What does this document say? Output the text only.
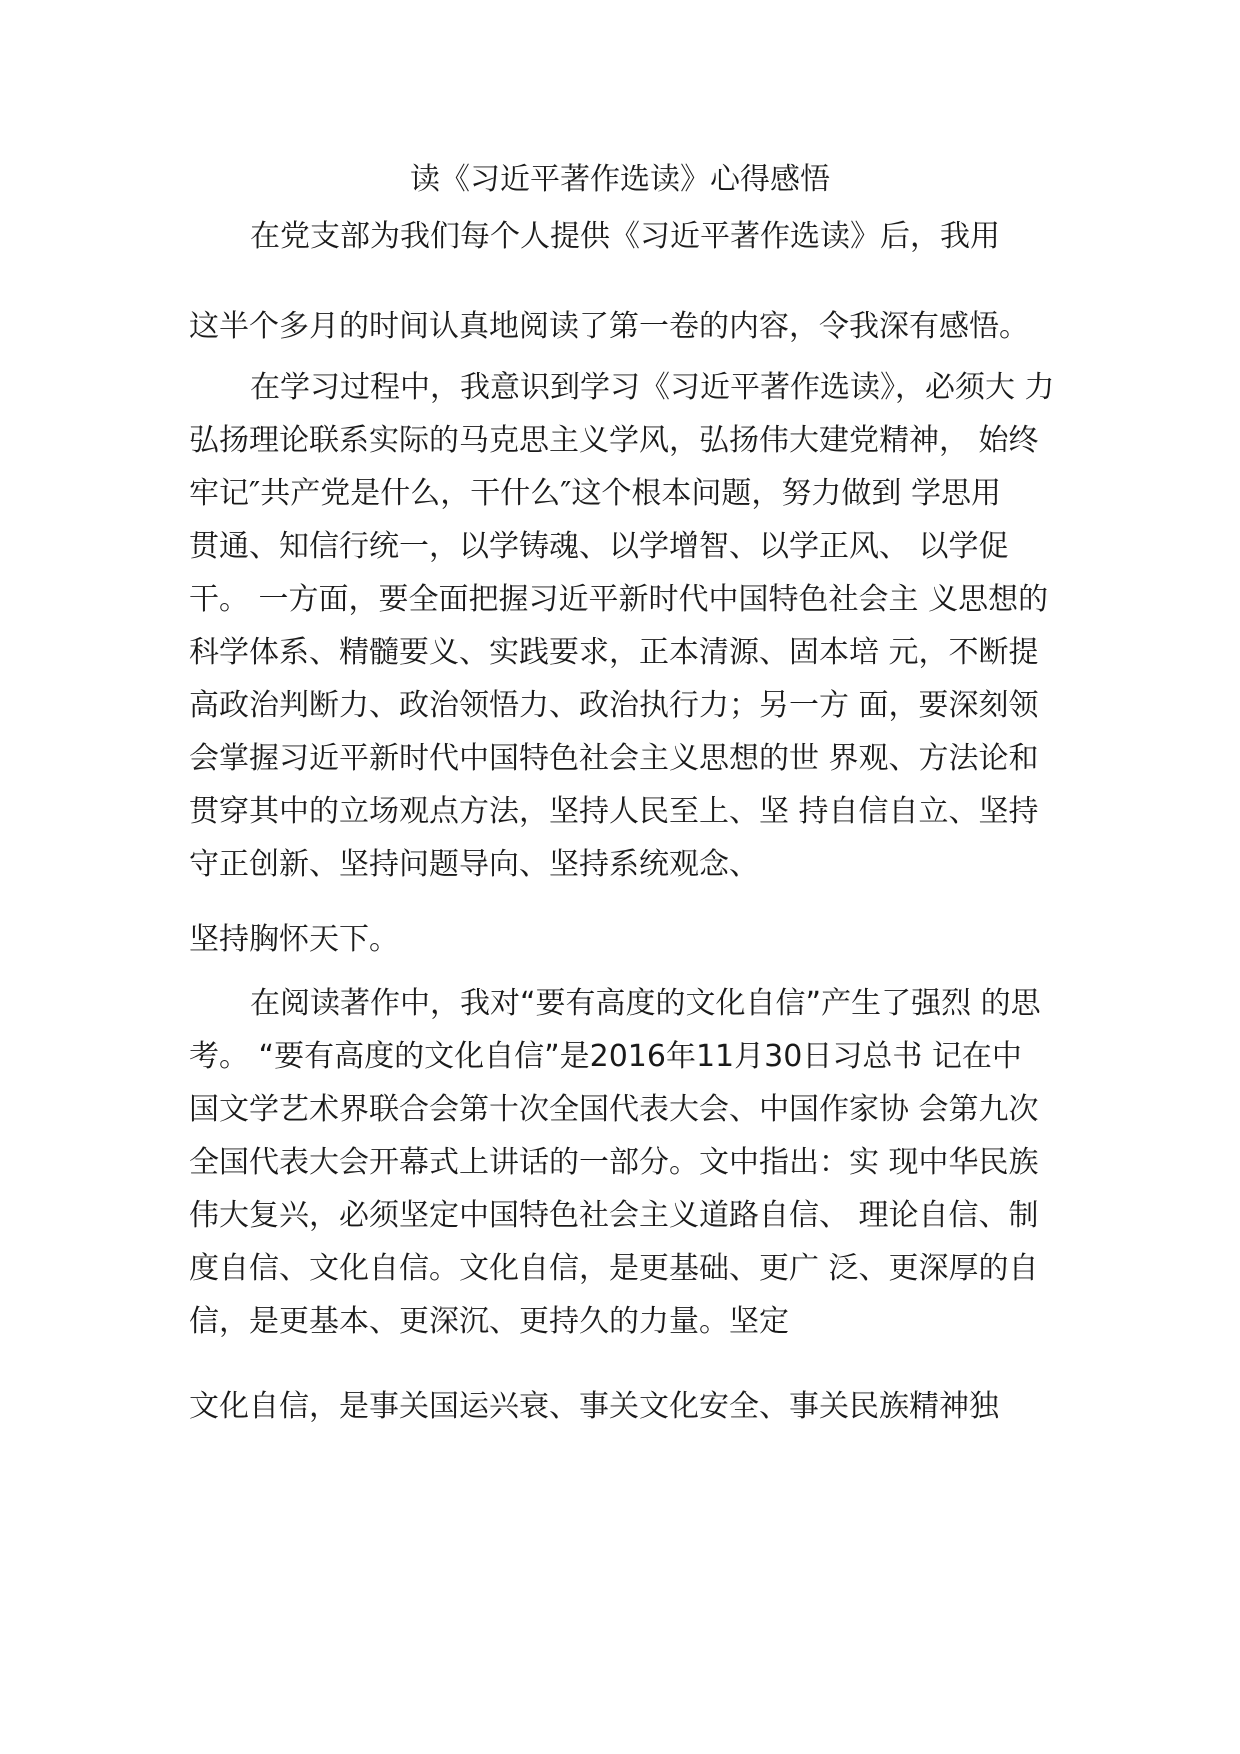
读《习近平著作选读》心得感悟

在党支部为我们每个人提供《习近平著作选读》后，我用

这半个多月的时间认真地阅读了第一卷的内容，令我深有感悟。

在学习过程中，我意识到学习《习近平著作选读》，必须大 力

弘扬理论联系实际的马克思主义学风，弘扬伟大建党精神， 始终

牢记″共产党是什么，干什么″这个根本问题，努力做到 学思用

贯通、知信行统一，以学铸魂、以学增智、以学正风、 以学促

干。 一方面，要全面把握习近平新时代中国特色社会主 义思想的

科学体系、精髓要义、实践要求，正本清源、固本培 元，不断提

高政治判断力、政治领悟力、政治执行力；另一方 面，要深刻领

会掌握习近平新时代中国特色社会主义思想的世 界观、方法论和

贯穿其中的立场观点方法，坚持人民至上、坚 持自信自立、坚持

守正创新、坚持问题导向、坚持系统观念、

坚持胸怀天下。

在阅读著作中，我对“要有高度的文化自信”产生了强烈 的思

考。 “要有高度的文化自信”是2016年11月30日习总书 记在中

国文学艺术界联合会第十次全国代表大会、中国作家协 会第九次

全国代表大会开幕式上讲话的一部分。文中指出：实 现中华民族

伟大复兴，必须坚定中国特色社会主义道路自信、 理论自信、制

度自信、文化自信。文化自信，是更基础、更广 泛、更深厚的自

信，是更基本、更深沉、更持久的力量。坚定

文化自信，是事关国运兴衰、事关文化安全、事关民族精神独
